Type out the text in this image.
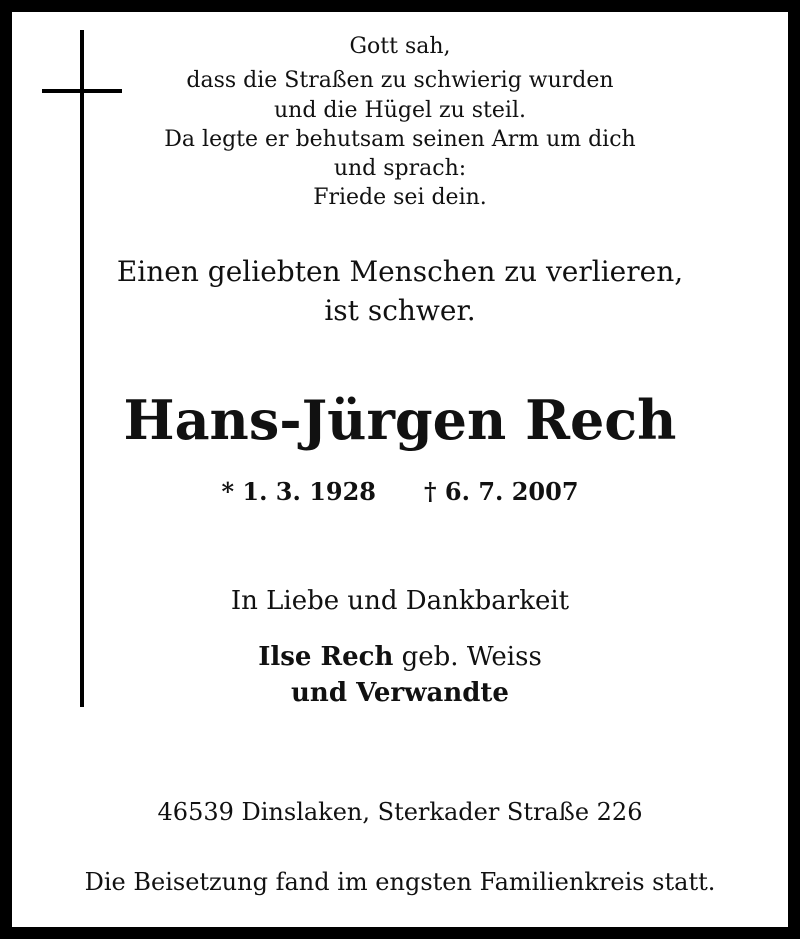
Gott sah,
dass die Straßen zu schwierig wurden
und die Hügel zu steil.
Da legte er behutsam seinen Arm um dich
und sprach:
Friede sei dein.
Einen geliebten Menschen zu verlieren,
ist schwer.
Hans-Jürgen Rech
* 1. 3. 1928 † 6. 7. 2007
In Liebe und Dankbarkeit
Ilse Rech geb. Weiss
und Verwandte
46539 Dinslaken, Sterkader Straße 226
Die Beisetzung fand im engsten Familienkreis statt.
